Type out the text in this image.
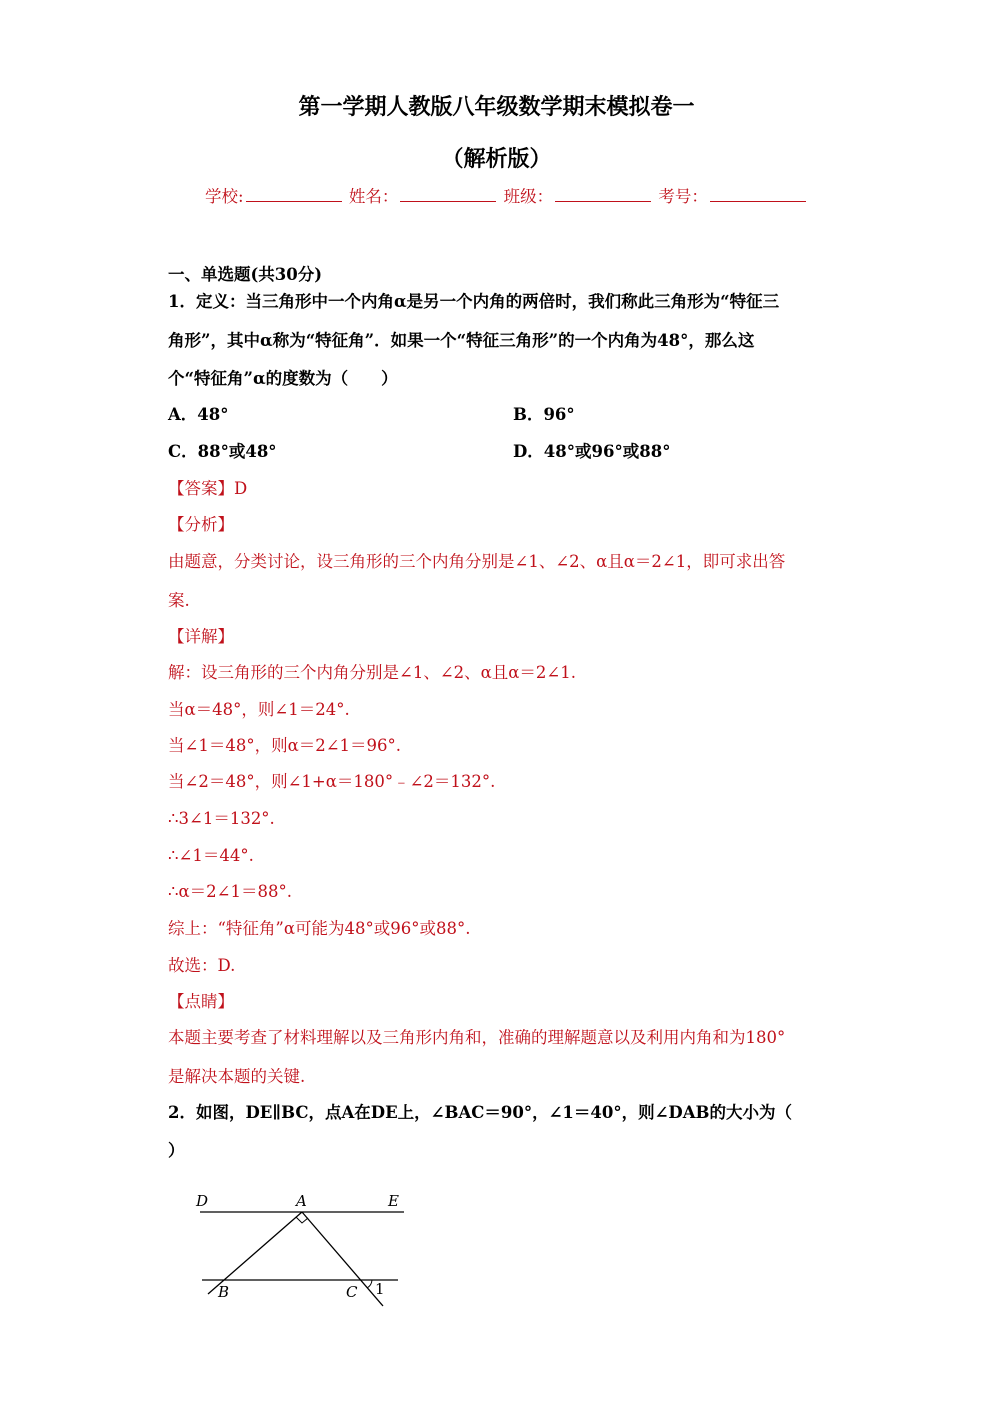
第一学期人教版八年级数学期末模拟卷一
（解析版）
学校:	姓名：	班级：	考号：
一、单选题(共30分)
1．定义：当三角形中一个内角α是另一个内角的两倍时，我们称此三角形为“特征三
角形”，其中α称为“特征角”．如果一个“特征三角形”的一个内角为48°，那么这
个“特征角”α的度数为（　　）
A．48°	B．96°
C．88°或48°	D．48°或96°或88°
【答案】D
【分析】
由题意，分类讨论，设三角形的三个内角分别是∠1、∠2、α且α＝2∠1，即可求出答
案.
【详解】
解：设三角形的三个内角分别是∠1、∠2、α且α＝2∠1.
当α＝48°，则∠1＝24°.
当∠1＝48°，则α＝2∠1＝96°.
当∠2＝48°，则∠1+α＝180°﹣∠2＝132°.
∴3∠1＝132°.
∴∠1＝44°.
∴α＝2∠1＝88°.
综上：“特征角”α可能为48°或96°或88°.
故选：D.
【点睛】
本题主要考查了材料理解以及三角形内角和，准确的理解题意以及利用内角和为180°
是解决本题的关键.
2．如图，DE∥BC，点A在DE上，∠BAC＝90°，∠1＝40°，则∠DAB的大小为（
）
D	A	E
B	C 1
